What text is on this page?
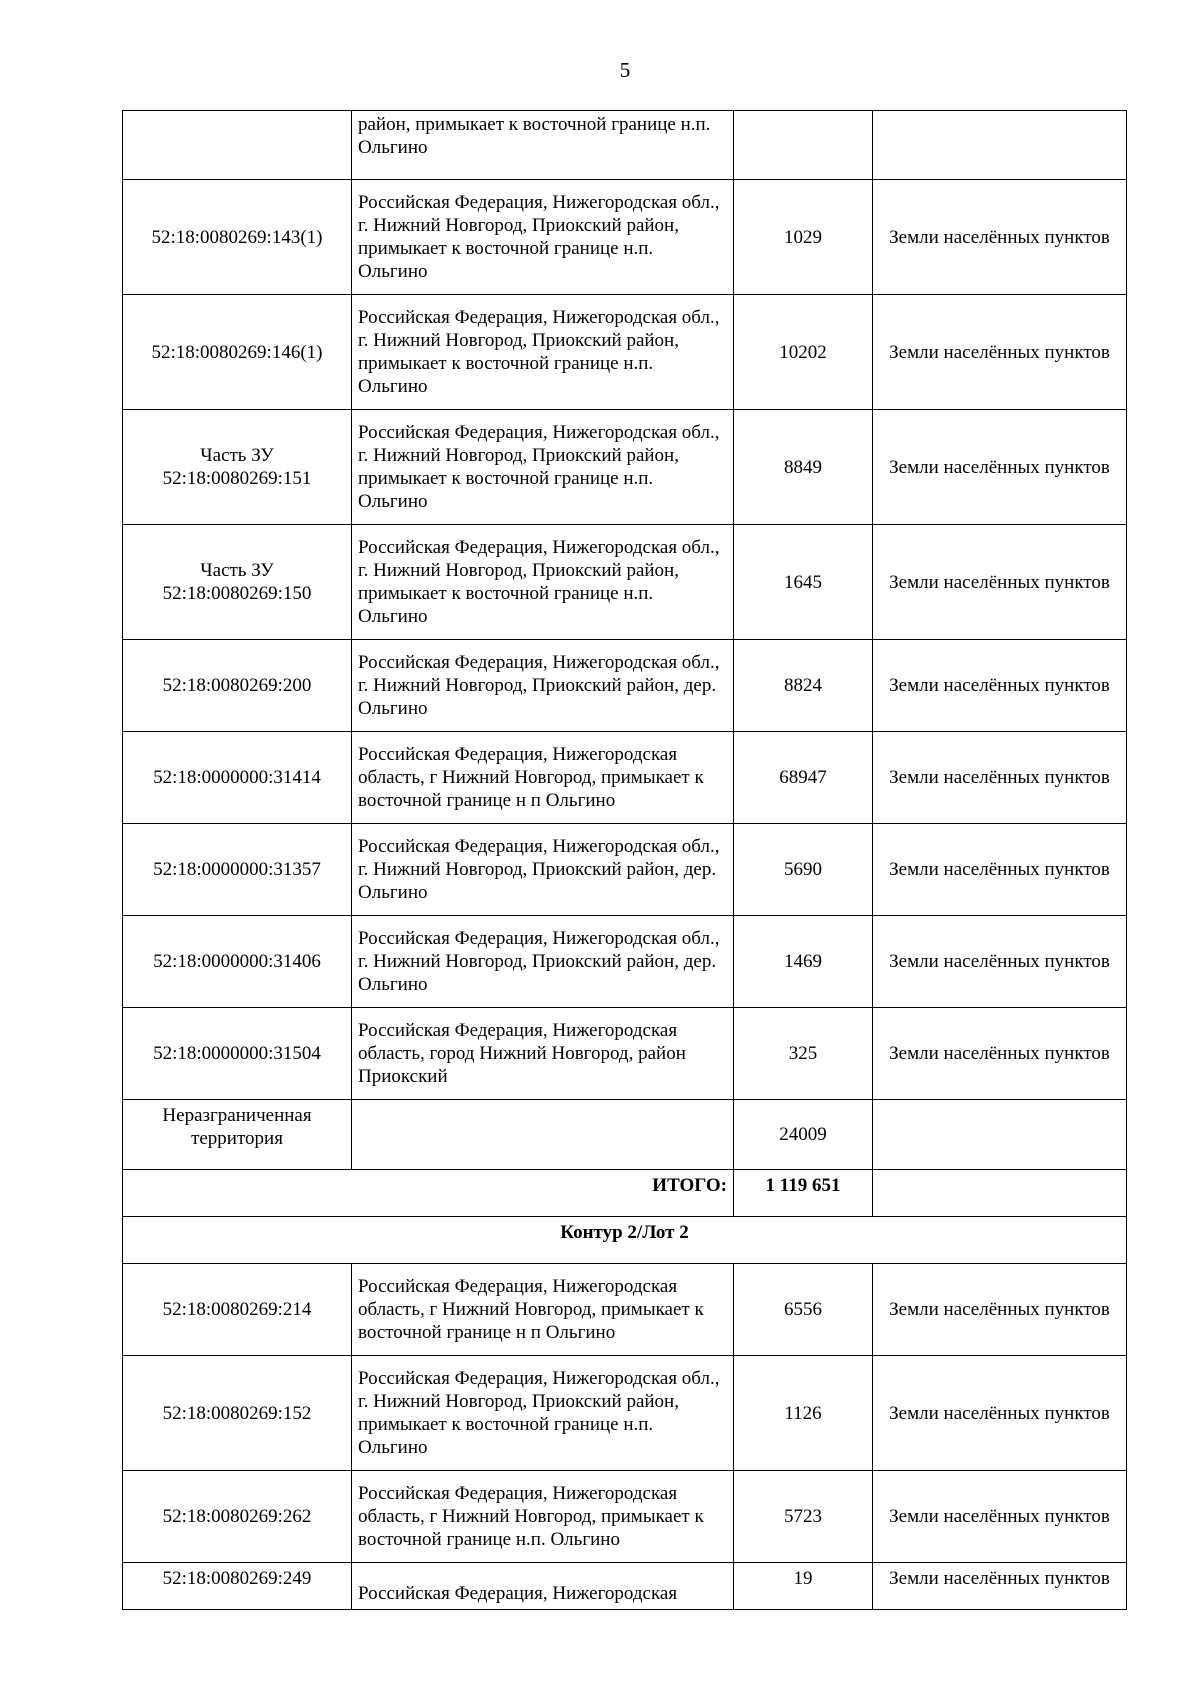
5
	район, примыкает к восточной границе н.п. Ольгино		
52:18:0080269:143(1)	Российская Федерация, Нижегородская обл., г. Нижний Новгород, Приокский район, примыкает к восточной границе н.п. Ольгино	1029	Земли населённых пунктов
52:18:0080269:146(1)	Российская Федерация, Нижегородская обл., г. Нижний Новгород, Приокский район, примыкает к восточной границе н.п. Ольгино	10202	Земли населённых пунктов
Часть ЗУ 52:18:0080269:151	Российская Федерация, Нижегородская обл., г. Нижний Новгород, Приокский район, примыкает к восточной границе н.п. Ольгино	8849	Земли населённых пунктов
Часть ЗУ 52:18:0080269:150	Российская Федерация, Нижегородская обл., г. Нижний Новгород, Приокский район, примыкает к восточной границе н.п. Ольгино	1645	Земли населённых пунктов
52:18:0080269:200	Российская Федерация, Нижегородская обл., г. Нижний Новгород, Приокский район, дер. Ольгино	8824	Земли населённых пунктов
52:18:0000000:31414	Российская Федерация, Нижегородская область, г Нижний Новгород, примыкает к восточной границе н п Ольгино	68947	Земли населённых пунктов
52:18:0000000:31357	Российская Федерация, Нижегородская обл., г. Нижний Новгород, Приокский район, дер. Ольгино	5690	Земли населённых пунктов
52:18:0000000:31406	Российская Федерация, Нижегородская обл., г. Нижний Новгород, Приокский район, дер. Ольгино	1469	Земли населённых пунктов
52:18:0000000:31504	Российская Федерация, Нижегородская область, город Нижний Новгород, район Приокский	325	Земли населённых пунктов
Неразграниченная территория		24009	
ИТОГО:		1 119 651	
Контур 2/Лот 2			
52:18:0080269:214	Российская Федерация, Нижегородская область, г Нижний Новгород, примыкает к восточной границе н п Ольгино	6556	Земли населённых пунктов
52:18:0080269:152	Российская Федерация, Нижегородская обл., г. Нижний Новгород, Приокский район, примыкает к восточной границе н.п. Ольгино	1126	Земли населённых пунктов
52:18:0080269:262	Российская Федерация, Нижегородская область, г Нижний Новгород, примыкает к восточной границе н.п. Ольгино	5723	Земли населённых пунктов
52:18:0080269:249	Российская Федерация, Нижегородская	19	Земли населённых пунктов
